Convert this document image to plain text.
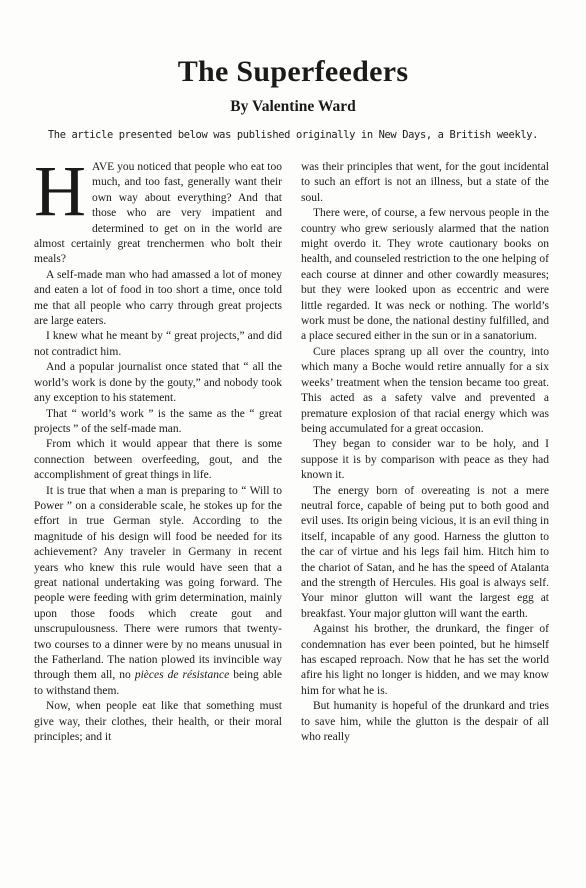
The Superfeeders
By Valentine Ward
The article presented below was published originally in New Days, a British weekly.

HAVE you noticed that people who eat too much, and too fast, generally want their own way about everything? And that those who are very impatient and determined to get on in the world are almost certainly great trenchermen who bolt their meals?

A self-made man who had amassed a lot of money and eaten a lot of food in too short a time, once told me that all people who carry through great projects are large eaters.

I knew what he meant by “ great projects,” and did not contradict him.

And a popular journalist once stated that “ all the world’s work is done by the gouty,” and nobody took any exception to his statement.

That “ world’s work ” is the same as the “ great projects ” of the self-made man.

From which it would appear that there is some connection between overfeeding, gout, and the accomplishment of great things in life.

It is true that when a man is preparing to “ Will to Power ” on a considerable scale, he stokes up for the effort in true German style. According to the magnitude of his design will food be needed for its achievement? Any traveler in Germany in recent years who knew this rule would have seen that a great national undertaking was going forward. The people were feeding with grim determination, mainly upon those foods which create gout and unscrupulousness. There were rumors that twenty-two courses to a dinner were by no means unusual in the Fatherland. The nation plowed its invincible way through them all, no pièces de résistance being able to withstand them.

Now, when people eat like that something must give way, their clothes, their health, or their moral principles; and it

was their principles that went, for the gout incidental to such an effort is not an illness, but a state of the soul.

There were, of course, a few nervous people in the country who grew seriously alarmed that the nation might overdo it. They wrote cautionary books on health, and counseled restriction to the one helping of each course at dinner and other cowardly measures; but they were looked upon as eccentric and were little regarded. It was neck or nothing. The world’s work must be done, the national destiny fulfilled, and a place secured either in the sun or in a sanatorium.

Cure places sprang up all over the country, into which many a Boche would retire annually for a six weeks’ treatment when the tension became too great. This acted as a safety valve and prevented a premature explosion of that racial energy which was being accumulated for a great occasion.

They began to consider war to be holy, and I suppose it is by comparison with peace as they had known it.

The energy born of overeating is not a mere neutral force, capable of being put to both good and evil uses. Its origin being vicious, it is an evil thing in itself, incapable of any good. Harness the glutton to the car of virtue and his legs fail him. Hitch him to the chariot of Satan, and he has the speed of Atalanta and the strength of Hercules. His goal is always self. Your minor glutton will want the largest egg at breakfast. Your major glutton will want the earth.

Against his brother, the drunkard, the finger of condemnation has ever been pointed, but he himself has escaped reproach. Now that he has set the world afire his light no longer is hidden, and we may know him for what he is.

But humanity is hopeful of the drunkard and tries to save him, while the glutton is the despair of all who really
